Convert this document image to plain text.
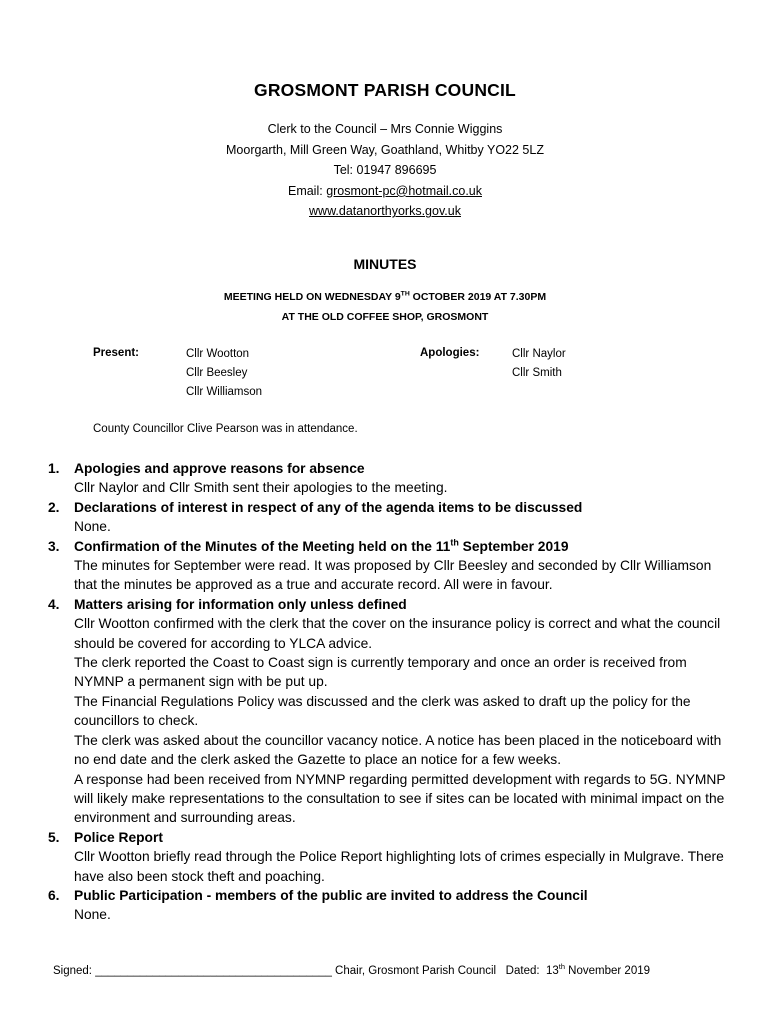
GROSMONT PARISH COUNCIL
Clerk to the Council – Mrs Connie Wiggins
Moorgarth, Mill Green Way, Goathland, Whitby YO22 5LZ
Tel: 01947 896695
Email: grosmont-pc@hotmail.co.uk
www.datanorthyorks.gov.uk
MINUTES
MEETING HELD ON WEDNESDAY 9TH OCTOBER 2019 AT 7.30PM
AT THE OLD COFFEE SHOP, GROSMONT
Present:	Cllr Wootton
Cllr Beesley
Cllr Williamson
Apologies:	Cllr Naylor
Cllr Smith
County Councillor Clive Pearson was in attendance.
1. Apologies and approve reasons for absence
Cllr Naylor and Cllr Smith sent their apologies to the meeting.
2. Declarations of interest in respect of any of the agenda items to be discussed
None.
3. Confirmation of the Minutes of the Meeting held on the 11th September 2019
The minutes for September were read. It was proposed by Cllr Beesley and seconded by Cllr Williamson that the minutes be approved as a true and accurate record. All were in favour.
4. Matters arising for information only unless defined
Cllr Wootton confirmed with the clerk that the cover on the insurance policy is correct and what the council should be covered for according to YLCA advice.
The clerk reported the Coast to Coast sign is currently temporary and once an order is received from NYMNP a permanent sign with be put up.
The Financial Regulations Policy was discussed and the clerk was asked to draft up the policy for the councillors to check.
The clerk was asked about the councillor vacancy notice. A notice has been placed in the noticeboard with no end date and the clerk asked the Gazette to place an notice for a few weeks.
A response had been received from NYMNP regarding permitted development with regards to 5G. NYMNP will likely make representations to the consultation to see if sites can be located with minimal impact on the environment and surrounding areas.
5. Police Report
Cllr Wootton briefly read through the Police Report highlighting lots of crimes especially in Mulgrave. There have also been stock theft and poaching.
6. Public Participation - members of the public are invited to address the Council
None.
Signed: _____________________________________ Chair, Grosmont Parish Council   Dated:  13th November 2019
